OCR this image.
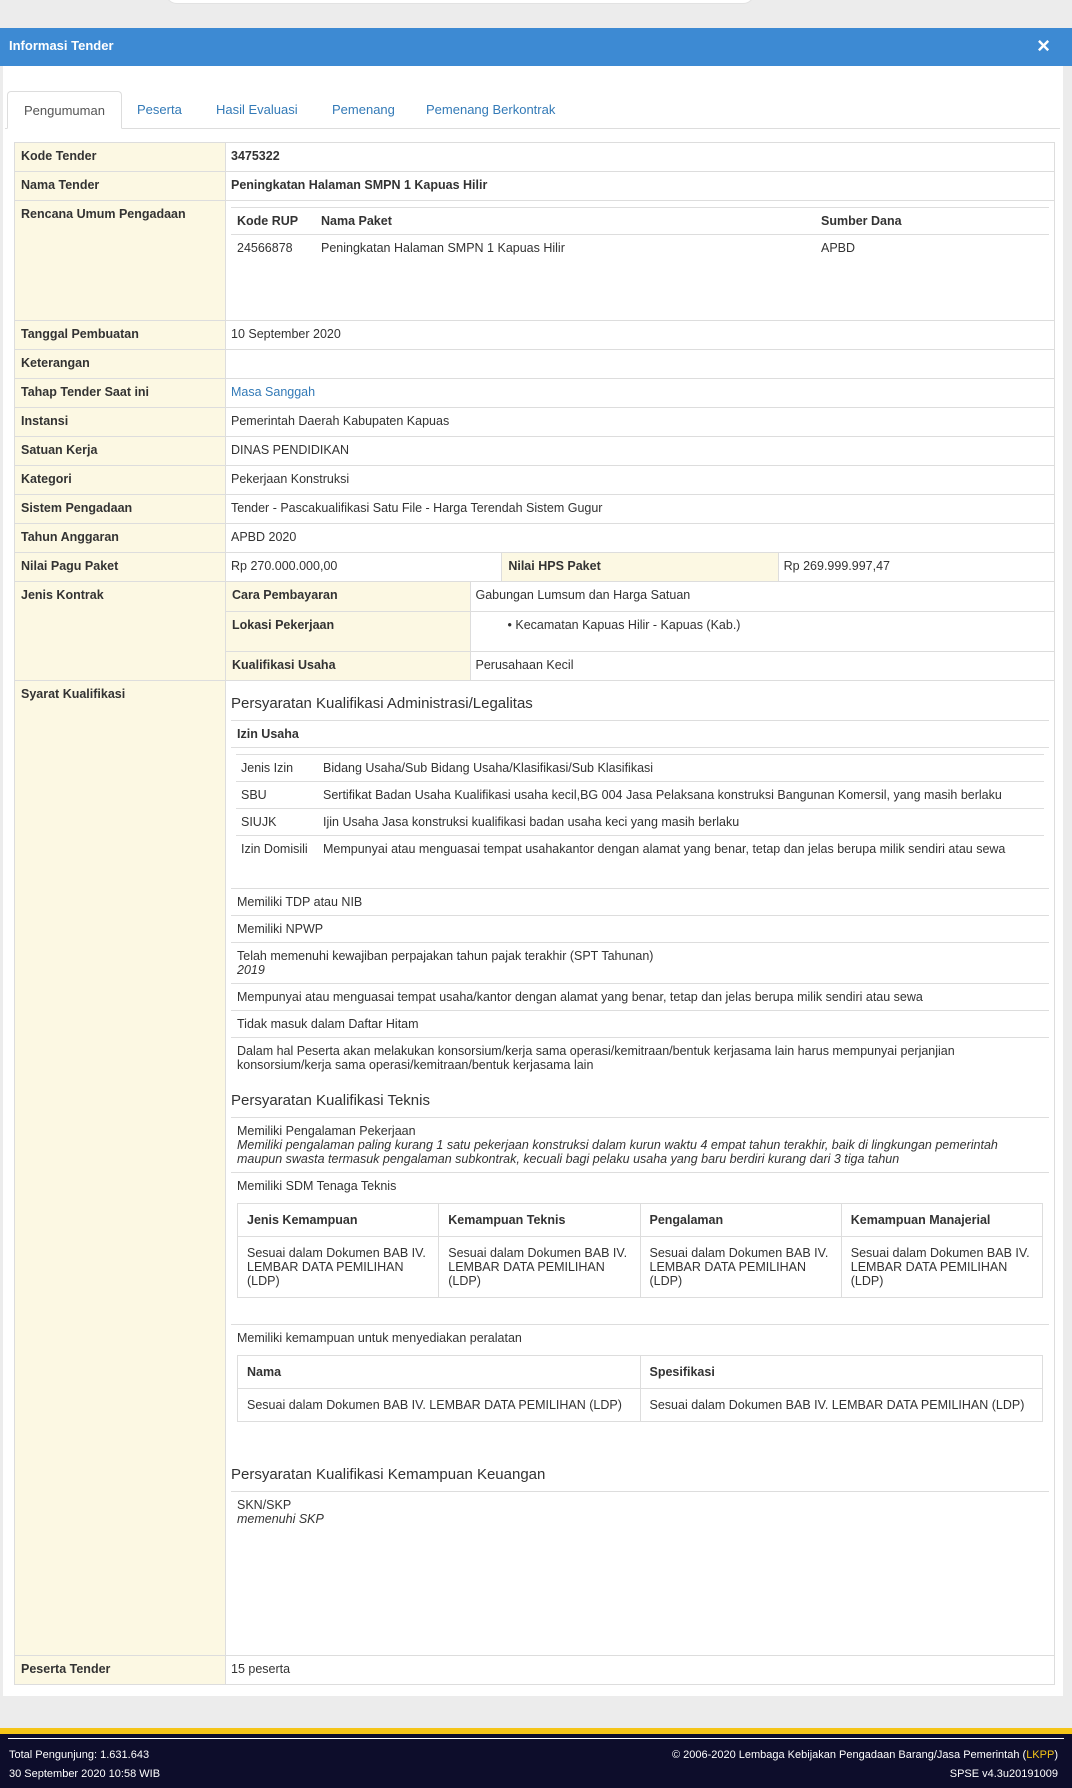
Informasi Tender	×
Pengumuman	Peserta	Hasil Evaluasi	Pemenang	Pemenang Berkontrak
Kode Tender	3475322
Nama Tender	Peningkatan Halaman SMPN 1 Kapuas Hilir
Rencana Umum Pengadaan		Kode RUP	Nama Paket	Sumber Dana
24566878	Peningkatan Halaman SMPN 1 Kapuas Hilir	APBD

Tanggal Pembuatan	10 September 2020
Keterangan	
Tahap Tender Saat ini	Masa Sanggah
Instansi	Pemerintah Daerah Kabupaten Kapuas
Satuan Kerja	DINAS PENDIDIKAN
Kategori	Pekerjaan Konstruksi
Sistem Pengadaan	Tender - Pascakualifikasi Satu File - Harga Terendah Sistem Gugur
Tahun Anggaran	APBD 2020
Nilai Pagu Paket	Rp 270.000.000,00	Nilai HPS Paket	Rp 269.999.997,47
Jenis Kontrak		Cara Pembayaran	Gabungan Lumsum dan Harga Satuan
Lokasi Pekerjaan	• Kecamatan Kapuas Hilir - Kapuas (Kab.)
Kualifikasi Usaha	Perusahaan Kecil

Syarat Kualifikasi	
Persyaratan Kualifikasi Administrasi/Legalitas
Izin Usaha
Jenis Izin	Bidang Usaha/Sub Bidang Usaha/Klasifikasi/Sub Klasifikasi
SBU	Sertifikat Badan Usaha Kualifikasi usaha kecil,BG 004 Jasa Pelaksana konstruksi Bangunan Komersil, yang masih berlaku
SIUJK	Ijin Usaha Jasa konstruksi kualifikasi badan usaha keci yang masih berlaku
Izin Domisili	Mempunyai atau menguasai tempat usahakantor dengan alamat yang benar, tetap dan jelas berupa milik sendiri atau sewa
Memiliki TDP atau NIB
Memiliki NPWP
Telah memenuhi kewajiban perpajakan tahun pajak terakhir (SPT Tahunan)
2019
Mempunyai atau menguasai tempat usaha/kantor dengan alamat yang benar, tetap dan jelas berupa milik sendiri atau sewa
Tidak masuk dalam Daftar Hitam
Dalam hal Peserta akan melakukan konsorsium/kerja sama operasi/kemitraan/bentuk kerjasama lain harus mempunyai perjanjian konsorsium/kerja sama operasi/kemitraan/bentuk kerjasama lain
Persyaratan Kualifikasi Teknis
Memiliki Pengalaman Pekerjaan
Memiliki pengalaman paling kurang 1 satu pekerjaan konstruksi dalam kurun waktu 4 empat tahun terakhir, baik di lingkungan pemerintah maupun swasta termasuk pengalaman subkontrak, kecuali bagi pelaku usaha yang baru berdiri kurang dari 3 tiga tahun
Memiliki SDM Tenaga Teknis
Jenis Kemampuan	Kemampuan Teknis	Pengalaman	Kemampuan Manajerial
Sesuai dalam Dokumen BAB IV. LEMBAR DATA PEMILIHAN (LDP)	Sesuai dalam Dokumen BAB IV. LEMBAR DATA PEMILIHAN (LDP)	Sesuai dalam Dokumen BAB IV. LEMBAR DATA PEMILIHAN (LDP)	Sesuai dalam Dokumen BAB IV. LEMBAR DATA PEMILIHAN (LDP)
Memiliki kemampuan untuk menyediakan peralatan
Nama	Spesifikasi
Sesuai dalam Dokumen BAB IV. LEMBAR DATA PEMILIHAN (LDP)	Sesuai dalam Dokumen BAB IV. LEMBAR DATA PEMILIHAN (LDP)
Persyaratan Kualifikasi Kemampuan Keuangan
SKN/SKP
memenuhi SKP

Peserta Tender	15 peserta
Total Pengunjung: 1.631.643
30 September 2020 10:58 WIB
© 2006-2020 Lembaga Kebijakan Pengadaan Barang/Jasa Pemerintah (LKPP)
SPSE v4.3u20191009
